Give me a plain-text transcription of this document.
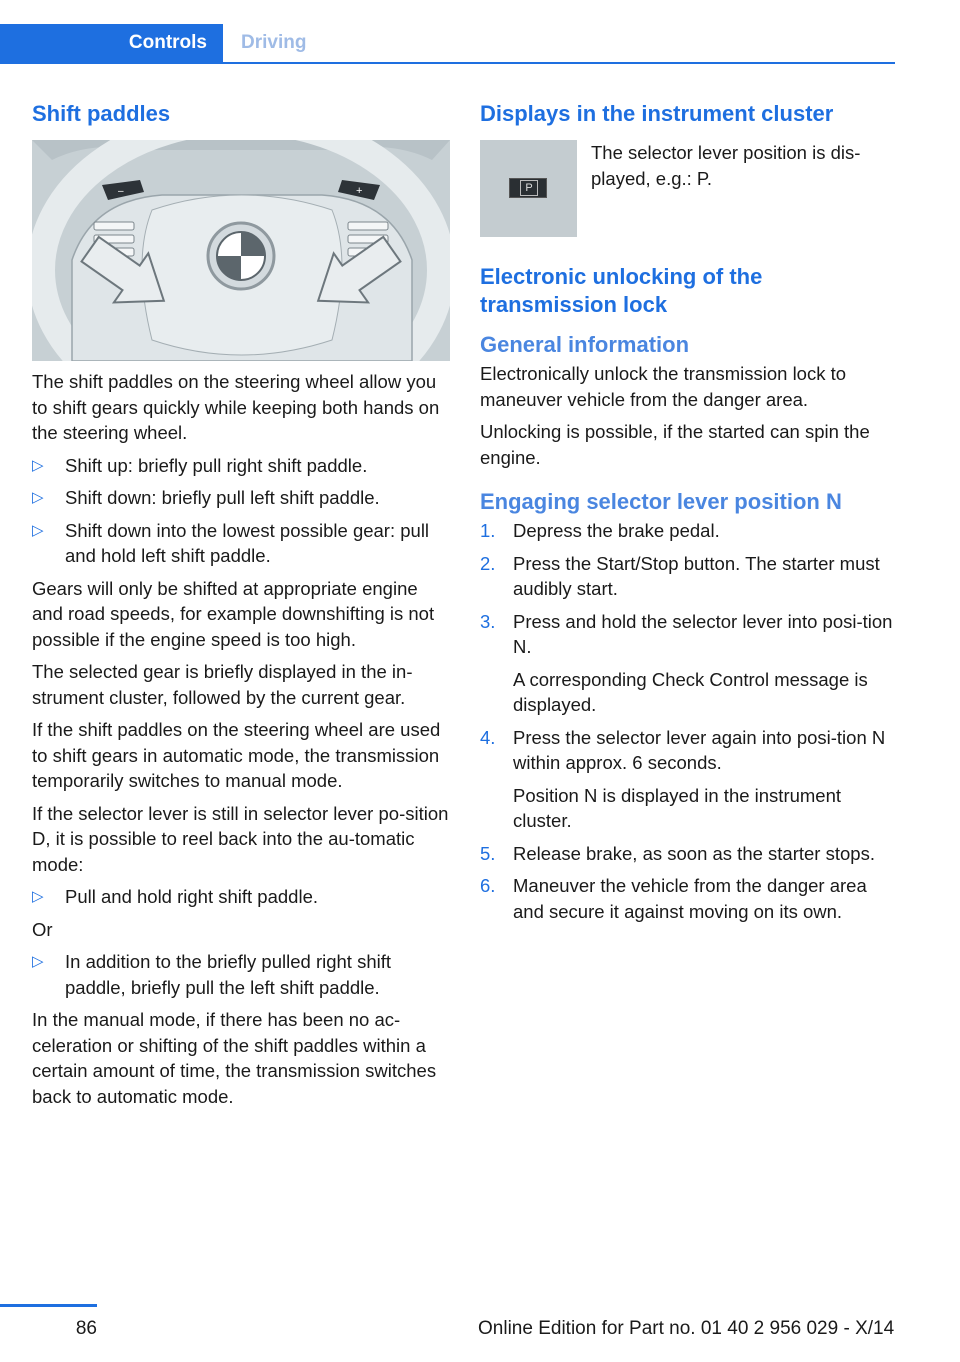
Controls	Driving
Shift paddles
–	+

The shift paddles on the steering wheel allow you to shift gears quickly while keeping both hands on the steering wheel.

▷ Shift up: briefly pull right shift paddle.
▷ Shift down: briefly pull left shift paddle.
▷ Shift down into the lowest possible gear: pull and hold left shift paddle.

Gears will only be shifted at appropriate engine and road speeds, for example downshifting is not possible if the engine speed is too high.

The selected gear is briefly displayed in the in‐strument cluster, followed by the current gear.

If the shift paddles on the steering wheel are used to shift gears in automatic mode, the transmission temporarily switches to manual mode.

If the selector lever is still in selector lever po‐sition D, it is possible to reel back into the au‐tomatic mode:

▷ Pull and hold right shift paddle.

Or

▷ In addition to the briefly pulled right shift paddle, briefly pull the left shift paddle.

In the manual mode, if there has been no ac‐celeration or shifting of the shift paddles within a certain amount of time, the transmission switches back to automatic mode.

Displays in the instrument cluster
P

The selector lever position is dis‐played, e.g.: P.

Electronic unlocking of the transmission lock
General information

Electronically unlock the transmission lock to maneuver vehicle from the danger area.

Unlocking is possible, if the started can spin the engine.

Engaging selector lever position N
1. Depress the brake pedal.
2. Press the Start/Stop button. The starter must audibly start.
3. Press and hold the selector lever into posi‐tion N.
A corresponding Check Control message is displayed.
4. Press the selector lever again into posi‐tion N within approx. 6 seconds.
Position N is displayed in the instrument cluster.
5. Release brake, as soon as the starter stops.
6. Maneuver the vehicle from the danger area and secure it against moving on its own.
86	Online Edition for Part no. 01 40 2 956 029 - X/14
